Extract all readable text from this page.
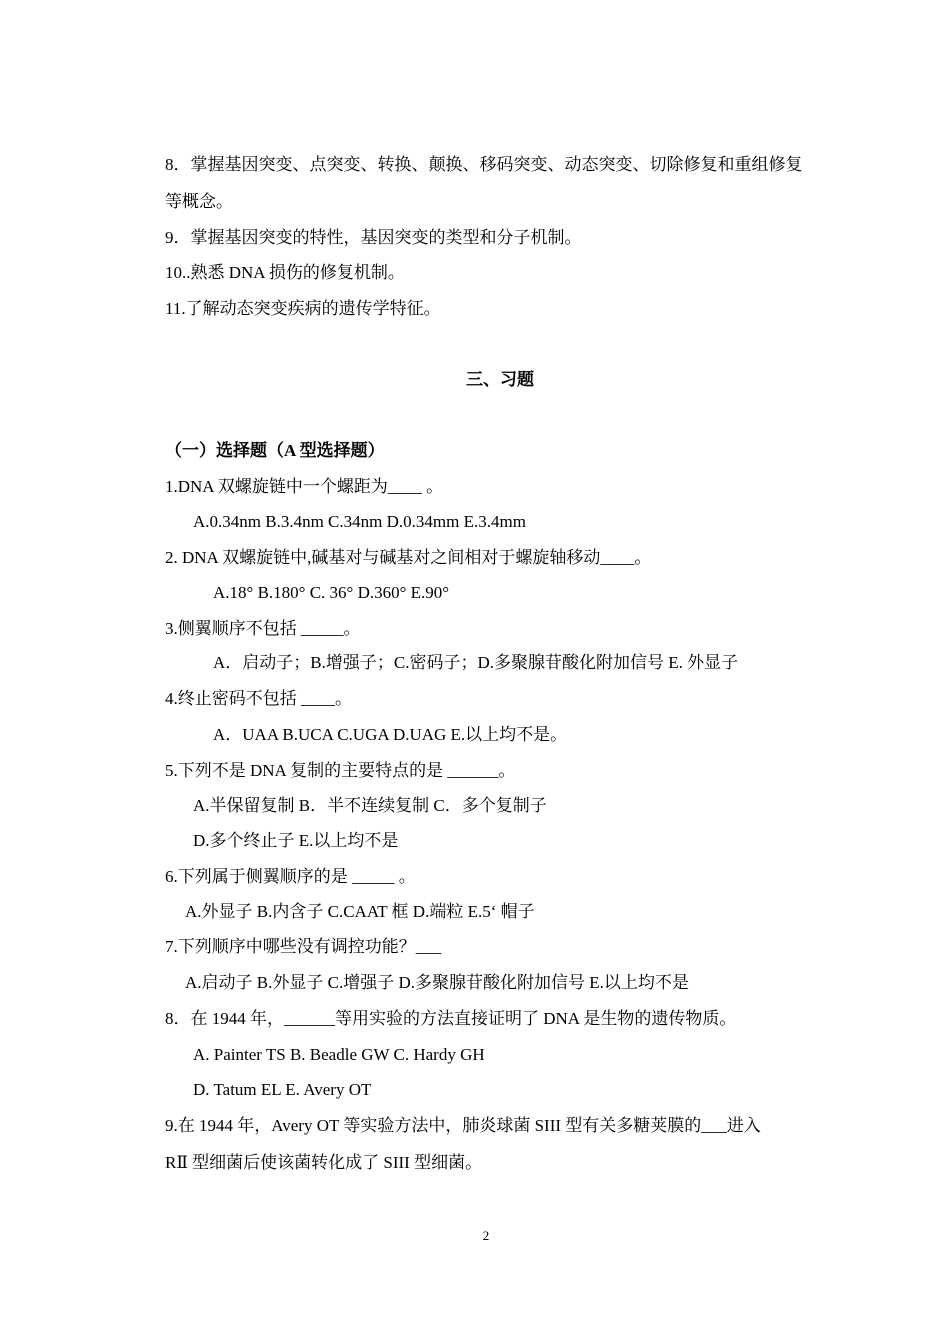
8．掌握基因突变、点突变、转换、颠换、移码突变、动态突变、切除修复和重组修复
等概念。
9．掌握基因突变的特性，基因突变的类型和分子机制。
10..熟悉 DNA 损伤的修复机制。
11.了解动态突变疾病的遗传学特征。
三、习题
（一）选择题（A 型选择题）
1.DNA 双螺旋链中一个螺距为____ 。
A.0.34nm B.3.4nm C.34nm D.0.34mm E.3.4mm
2. DNA 双螺旋链中,碱基对与碱基对之间相对于螺旋轴移动____。
A.18° B.180° C. 36° D.360° E.90°
3.侧翼顺序不包括 _____。
A．启动子；B.增强子；C.密码子；D.多聚腺苷酸化附加信号 E. 外显子
4.终止密码不包括 ____。
A．UAA B.UCA C.UGA D.UAG E.以上均不是。
5.下列不是 DNA 复制的主要特点的是 ______。
A.半保留复制 B．半不连续复制 C．多个复制子
D.多个终止子 E.以上均不是
6.下列属于侧翼顺序的是 _____ 。
A.外显子 B.内含子 C.CAAT 框 D.端粒 E.5‘ 帽子
7.下列顺序中哪些没有调控功能？___
A.启动子 B.外显子 C.增强子 D.多聚腺苷酸化附加信号 E.以上均不是
8．在 1944 年，______等用实验的方法直接证明了 DNA 是生物的遗传物质。
A. Painter TS B. Beadle GW C. Hardy GH
D. Tatum EL E. Avery OT
9.在 1944 年，Avery OT 等实验方法中，肺炎球菌 SIII 型有关多糖荚膜的___进入
RⅡ 型细菌后使该菌转化成了 SIII 型细菌。
2
